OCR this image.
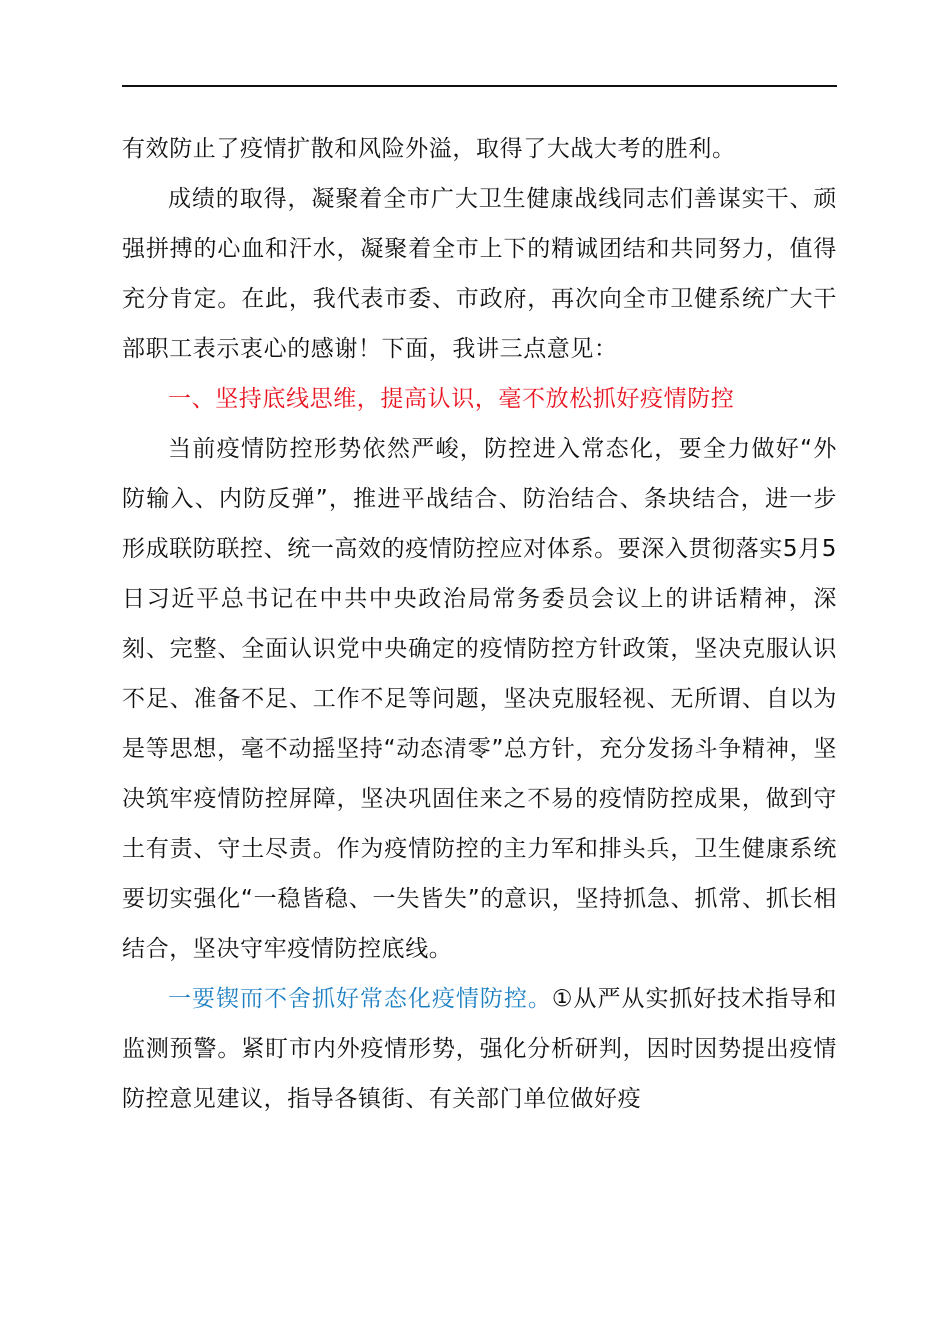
有效防止了疫情扩散和风险外溢，取得了大战大考的胜利。

成绩的取得，凝聚着全市广大卫生健康战线同志们善谋实干、顽强拼搏的心血和汗水，凝聚着全市上下的精诚团结和共同努力，值得充分肯定。在此，我代表市委、市政府，再次向全市卫健系统广大干部职工表示衷心的感谢！下面，我讲三点意见：

一、坚持底线思维，提高认识，毫不放松抓好疫情防控

当前疫情防控形势依然严峻，防控进入常态化，要全力做好“外防输入、内防反弹”，推进平战结合、防治结合、条块结合，进一步形成联防联控、统一高效的疫情防控应对体系。要深入贯彻落实5月5日习近平总书记在中共中央政治局常务委员会议上的讲话精神，深刻、完整、全面认识党中央确定的疫情防控方针政策，坚决克服认识不足、准备不足、工作不足等问题，坚决克服轻视、无所谓、自以为是等思想，毫不动摇坚持“动态清零”总方针，充分发扬斗争精神，坚决筑牢疫情防控屏障，坚决巩固住来之不易的疫情防控成果，做到守土有责、守土尽责。作为疫情防控的主力军和排头兵，卫生健康系统要切实强化“一稳皆稳、一失皆失”的意识，坚持抓急、抓常、抓长相结合，坚决守牢疫情防控底线。

一要锲而不舍抓好常态化疫情防控。①从严从实抓好技术指导和监测预警。紧盯市内外疫情形势，强化分析研判，因时因势提出疫情防控意见建议，指导各镇街、有关部门单位做好疫
